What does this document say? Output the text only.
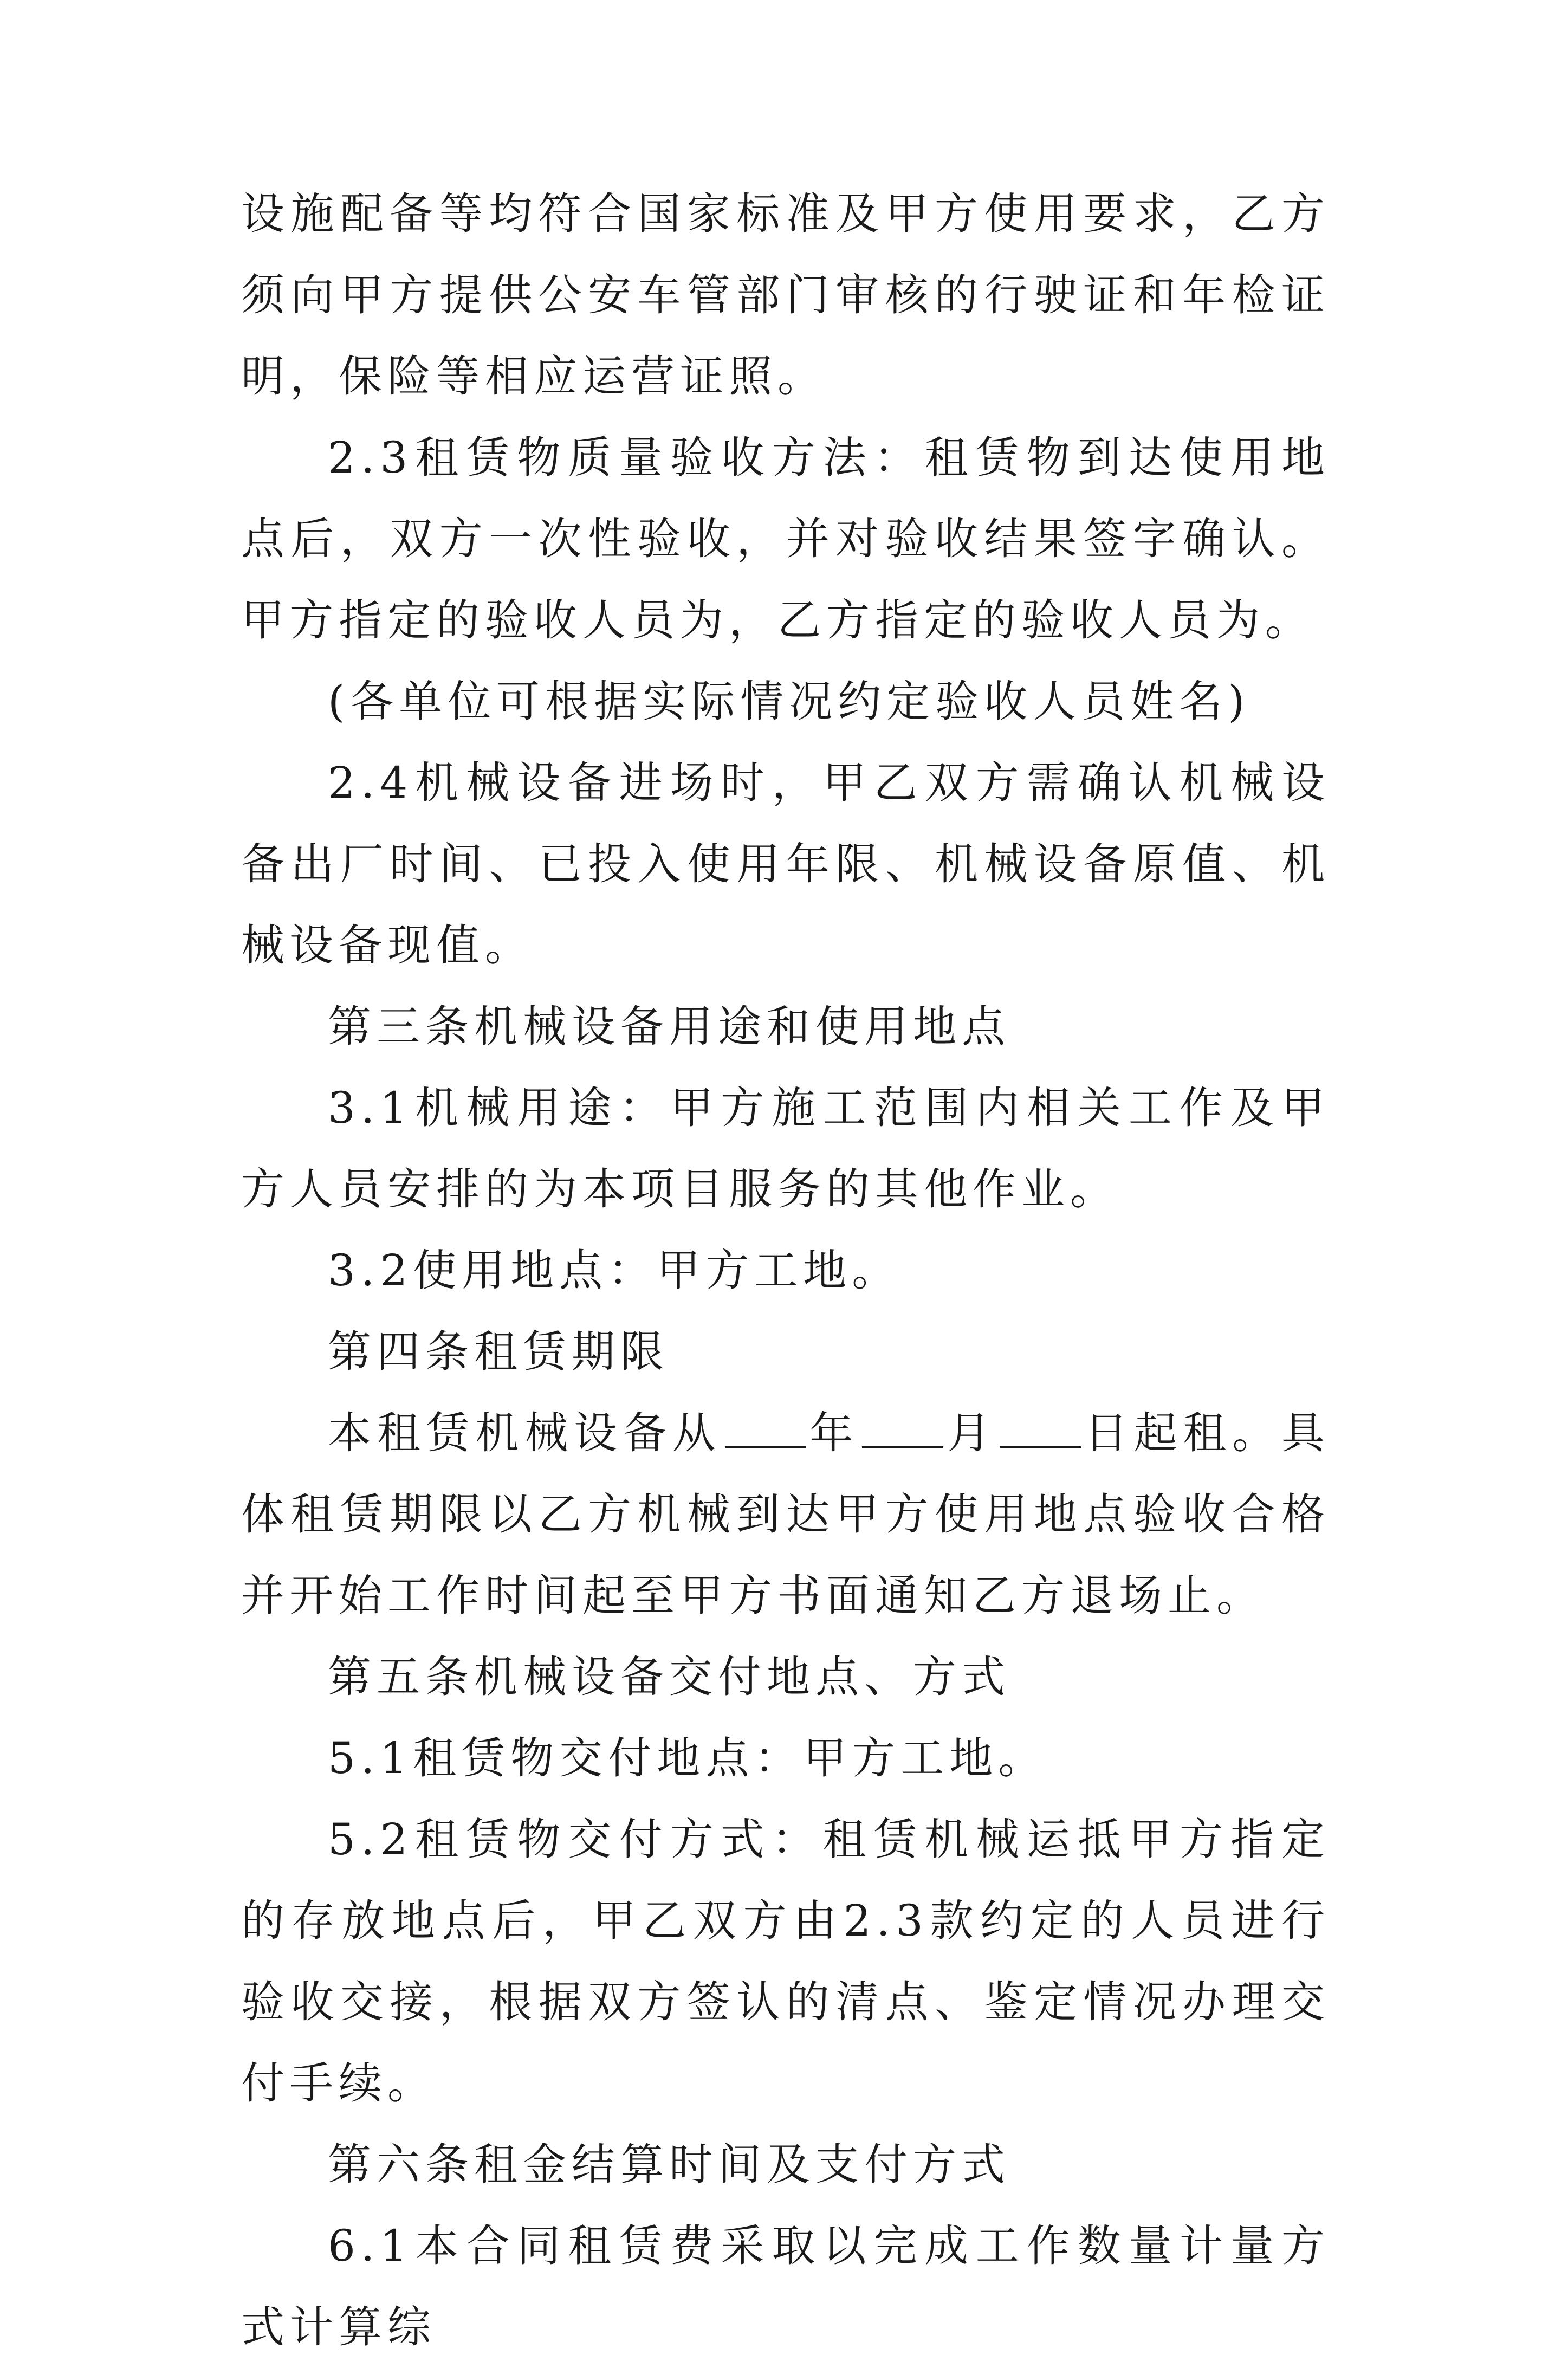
设施配备等均符合国家标准及甲方使用要求，乙方须向甲方提供公安车管部门审核的行驶证和年检证明，保险等相应运营证照。

2.3租赁物质量验收方法：租赁物到达使用地点后，双方一次性验收，并对验收结果签字确认。甲方指定的验收人员为，乙方指定的验收人员为。

(各单位可根据实际情况约定验收人员姓名)

2.4机械设备进场时，甲乙双方需确认机械设备出厂时间、已投入使用年限、机械设备原值、机械设备现值。

第三条机械设备用途和使用地点

3.1机械用途：甲方施工范围内相关工作及甲方人员安排的为本项目服务的其他作业。

3.2使用地点：甲方工地。

第四条租赁期限

本租赁机械设备从 年 月 日起租。具体租赁期限以乙方机械到达甲方使用地点验收合格并开始工作时间起至甲方书面通知乙方退场止。

第五条机械设备交付地点、方式

5.1租赁物交付地点：甲方工地。

5.2租赁物交付方式：租赁机械运抵甲方指定的存放地点后，甲乙双方由2.3款约定的人员进行验收交接，根据双方签认的清点、鉴定情况办理交付手续。

第六条租金结算时间及支付方式

6.1本合同租赁费采取以完成工作数量计量方式计算综
